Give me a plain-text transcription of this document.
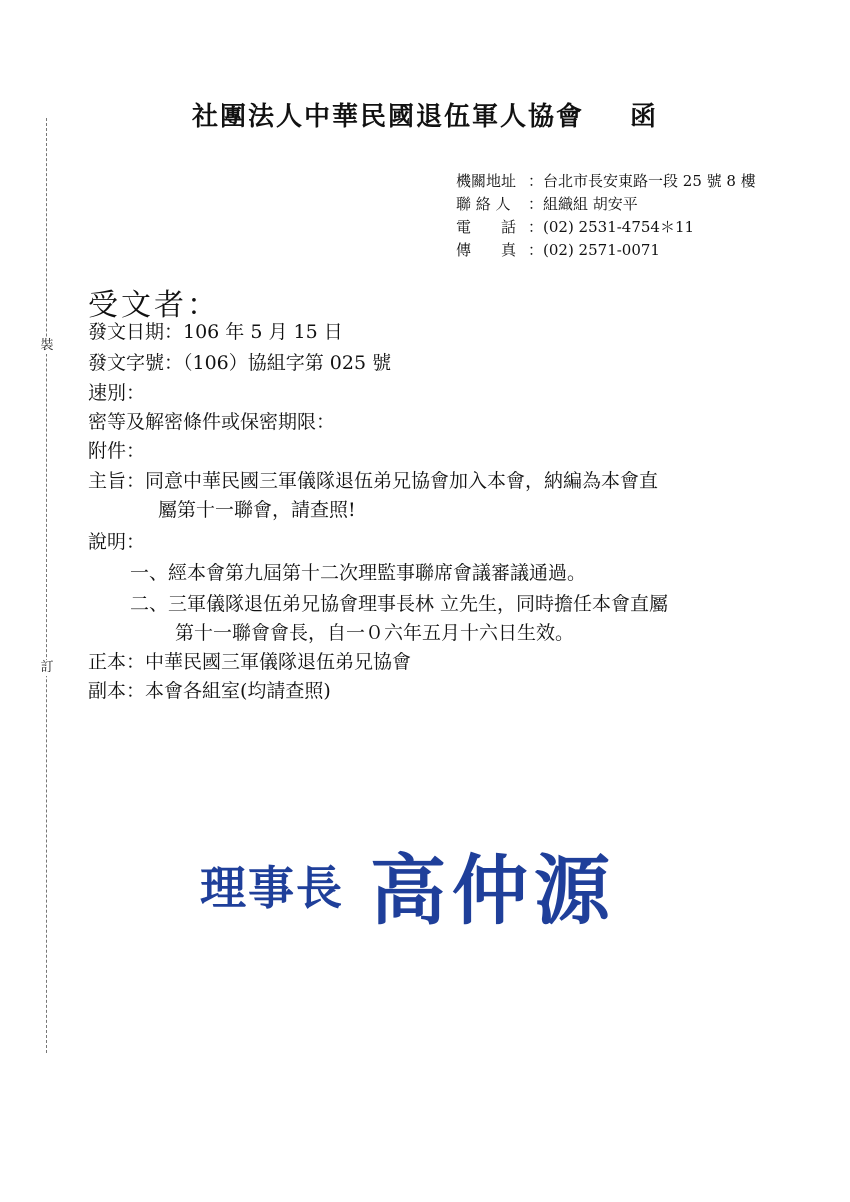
裝
訂
社團法人中華民國退伍軍人協會 函
機關地址 ：台北市長安東路一段 25 號 8 樓
聯 絡 人 ：組織組 胡安平
電　　話 ：(02) 2531-4754＊11
傳　　真 ：(02) 2571-0071
受文者：
發文日期：106 年 5 月 15 日
發文字號：（106）協組字第 025 號
速別：
密等及解密條件或保密期限：
附件：
主旨：同意中華民國三軍儀隊退伍弟兄協會加入本會，納編為本會直
屬第十一聯會，請查照!
說明：
一、經本會第九屆第十二次理監事聯席會議審議通過。
二、三軍儀隊退伍弟兄協會理事長林 立先生，同時擔任本會直屬
第十一聯會會長，自一０六年五月十六日生效。
正本：中華民國三軍儀隊退伍弟兄協會
副本：本會各組室(均請查照)
理事長 高仲源
